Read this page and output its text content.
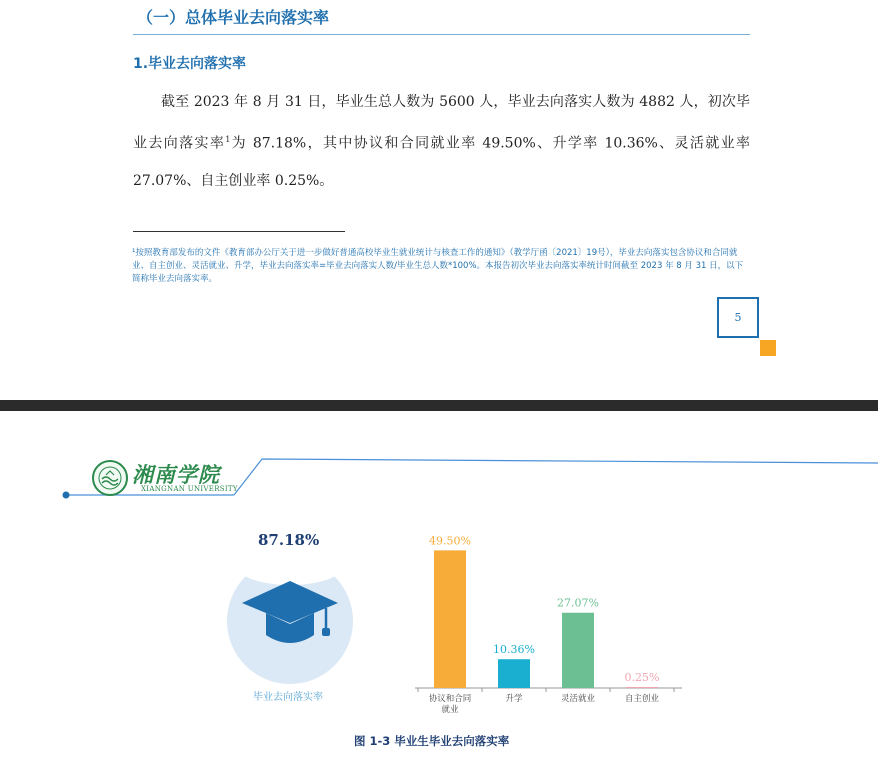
（一）总体毕业去向落实率
1.毕业去向落实率
截至 2023 年 8 月 31 日，毕业生总人数为 5600 人，毕业去向落实人数为 4882 人，初次毕业去向落实率$^1$为 87.18%，其中协议和合同就业率 49.50%、升学率 10.36%、灵活就业率 27.07%、自主创业率 0.25%。
¹按照教育部发布的文件《教育部办公厅关于进一步做好普通高校毕业生就业统计与核查工作的通知》（教学厅函〔2021〕19号），毕业去向落实包含协议和合同就业、自主创业、灵活就业、升学，毕业去向落实率=毕业去向落实人数/毕业生总人数*100%。本报告初次毕业去向落实率统计时间截至 2023 年 8 月 31 日，以下简称毕业去向落实率。
5
湘南学院
XIANGNAN UNIVERSITY
87.18%
毕业去向落实率
49.50%
协议和合同
就业
10.36%
升学
27.07%
灵活就业
0.25%
自主创业
图 1-3 毕业生毕业去向落实率
